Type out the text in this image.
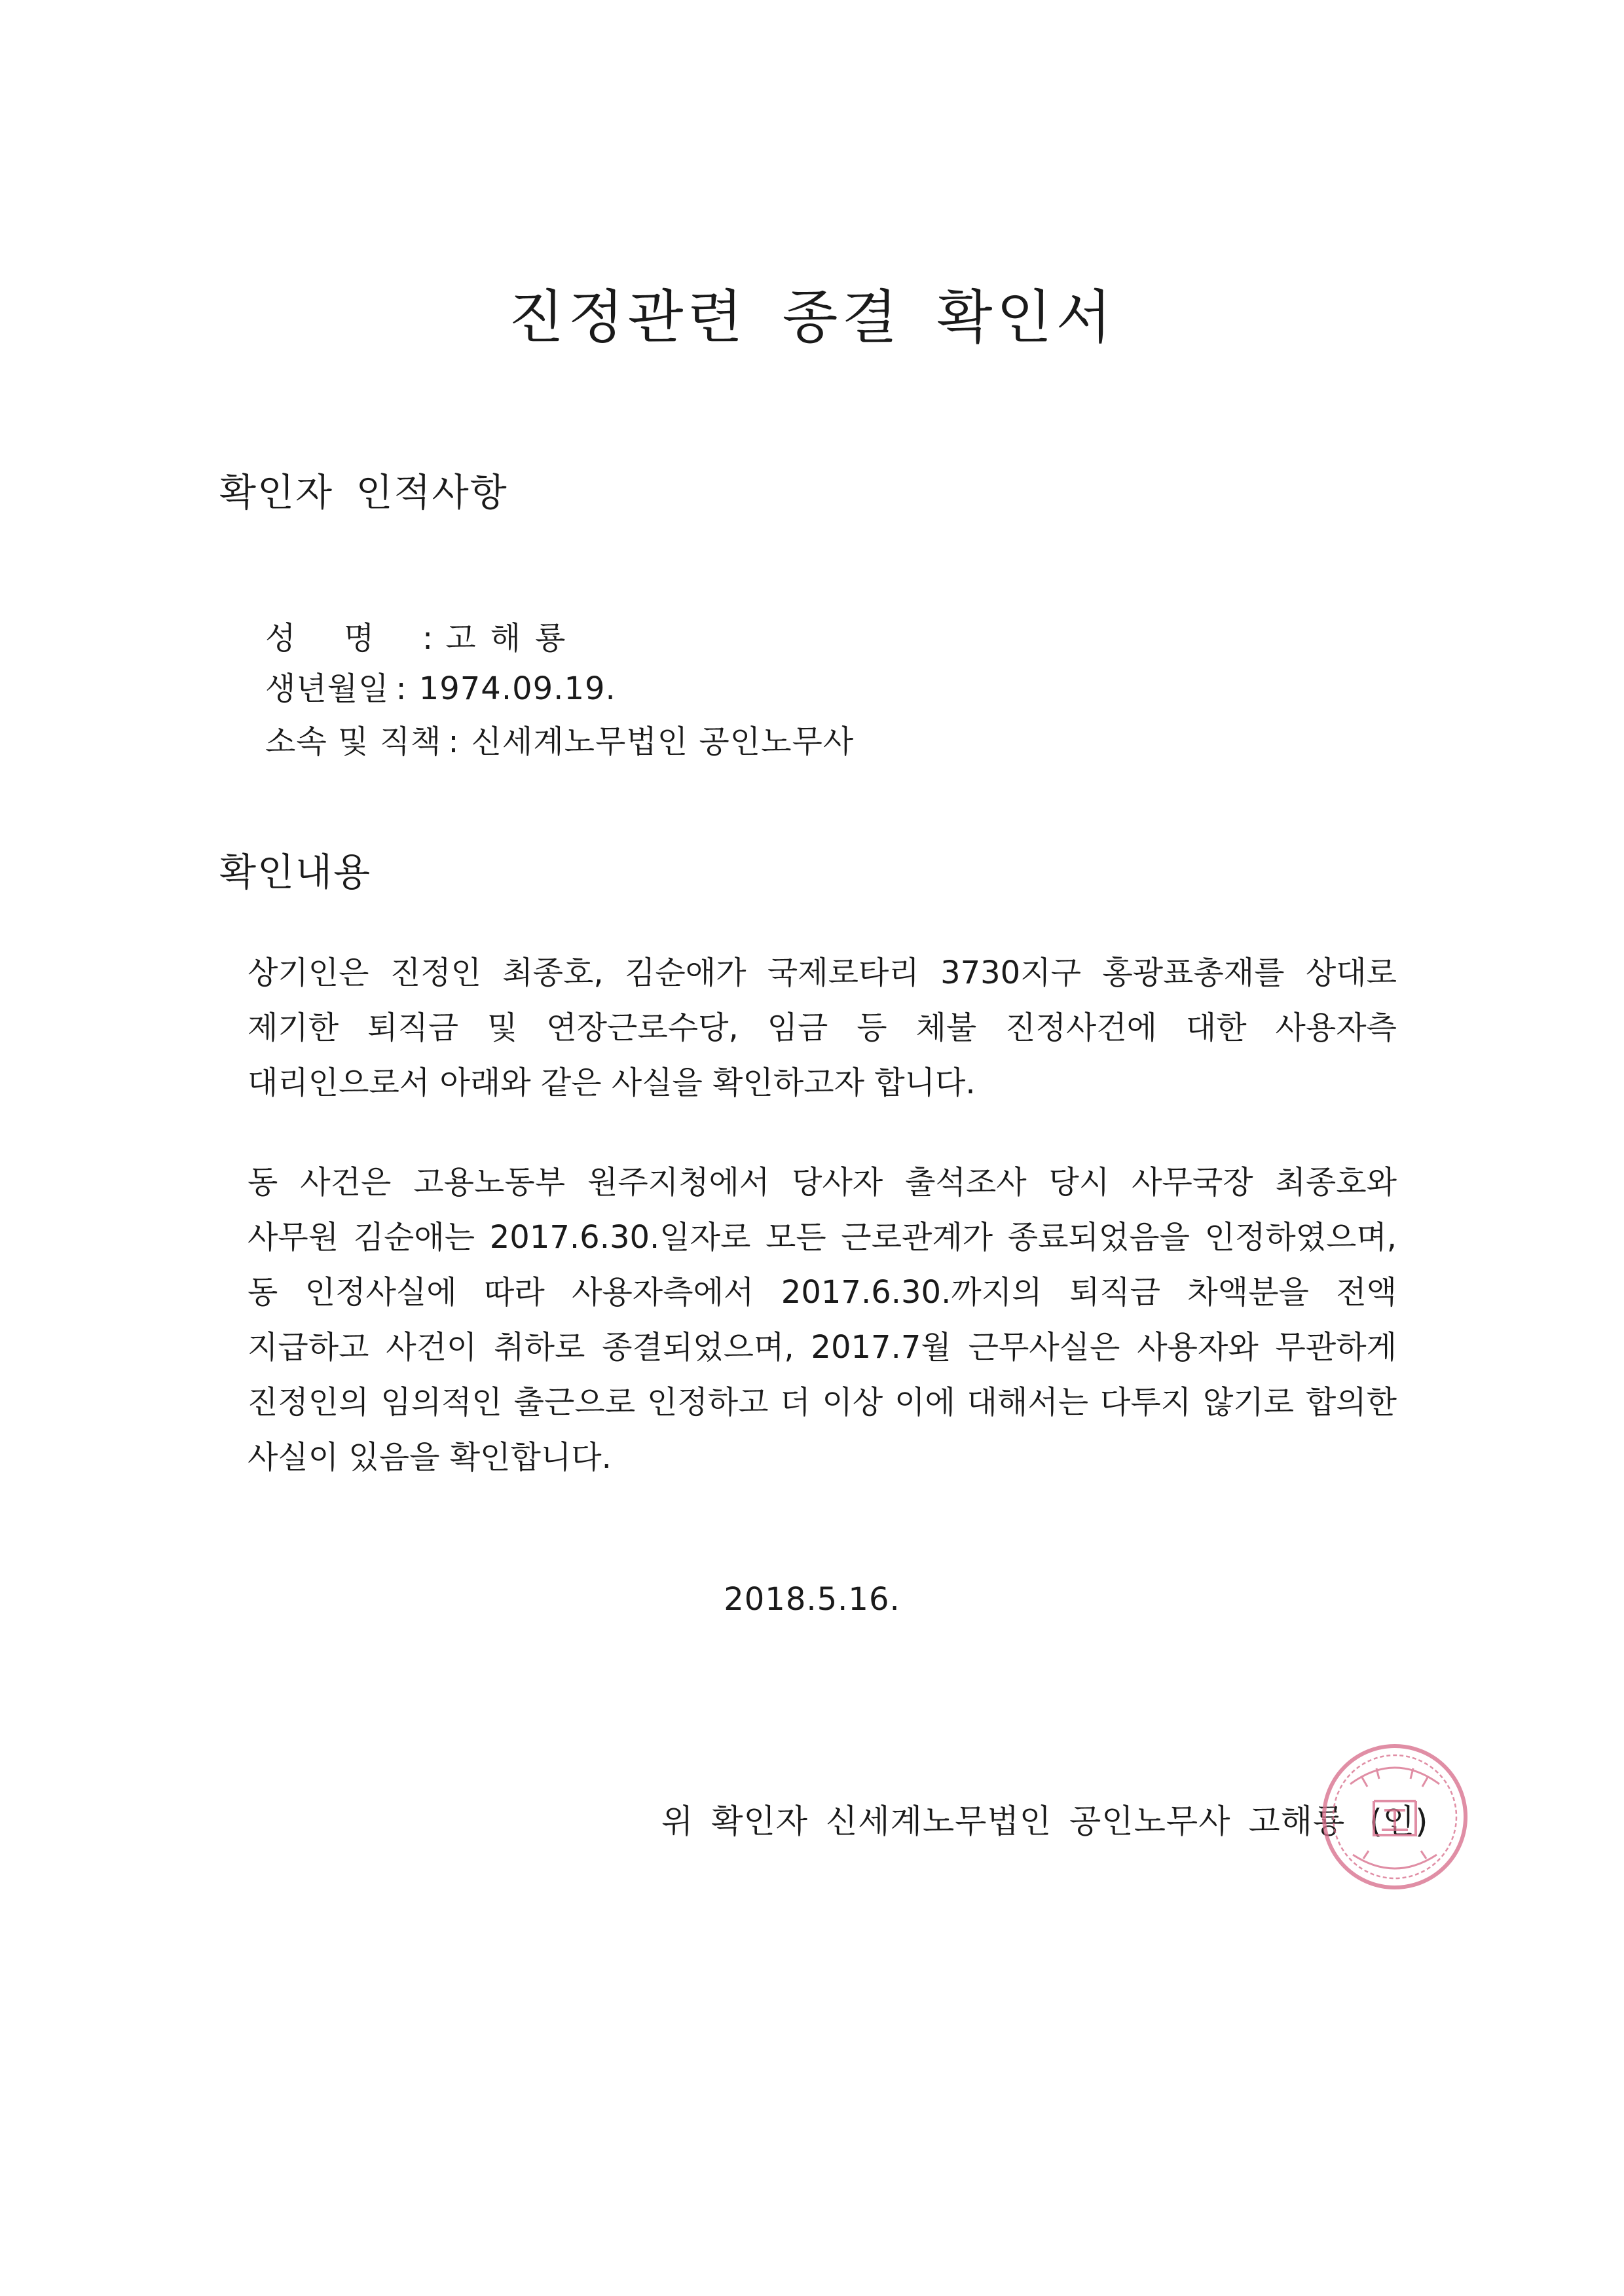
진정관련 종결 확인서
확인자 인적사항

성 명 : 고해룡

생년월일 : 1974.09.19.

소속 및 직책 : 신세계노무법인 공인노무사

확인내용

상기인은 진정인 최종호, 김순애가 국제로타리 3730지구 홍광표총재를 상대로 제기한 퇴직금 및 연장근로수당, 임금 등 체불 진정사건에 대한 사용자측 대리인으로서 아래와 같은 사실을 확인하고자 합니다.

동 사건은 고용노동부 원주지청에서 당사자 출석조사 당시 사무국장 최종호와 사무원 김순애는 2017.6.30.일자로 모든 근로관계가 종료되었음을 인정하였으며, 동 인정사실에 따라 사용자측에서 2017.6.30.까지의 퇴직금 차액분을 전액 지급하고 사건이 취하로 종결되었으며, 2017.7월 근무사실은 사용자와 무관하게 진정인의 임의적인 출근으로 인정하고 더 이상 이에 대해서는 다투지 않기로 합의한 사실이 있음을 확인합니다.

2018.5.16.

위 확인자 신세계노무법인 공인노무사 고해룡 (인)
